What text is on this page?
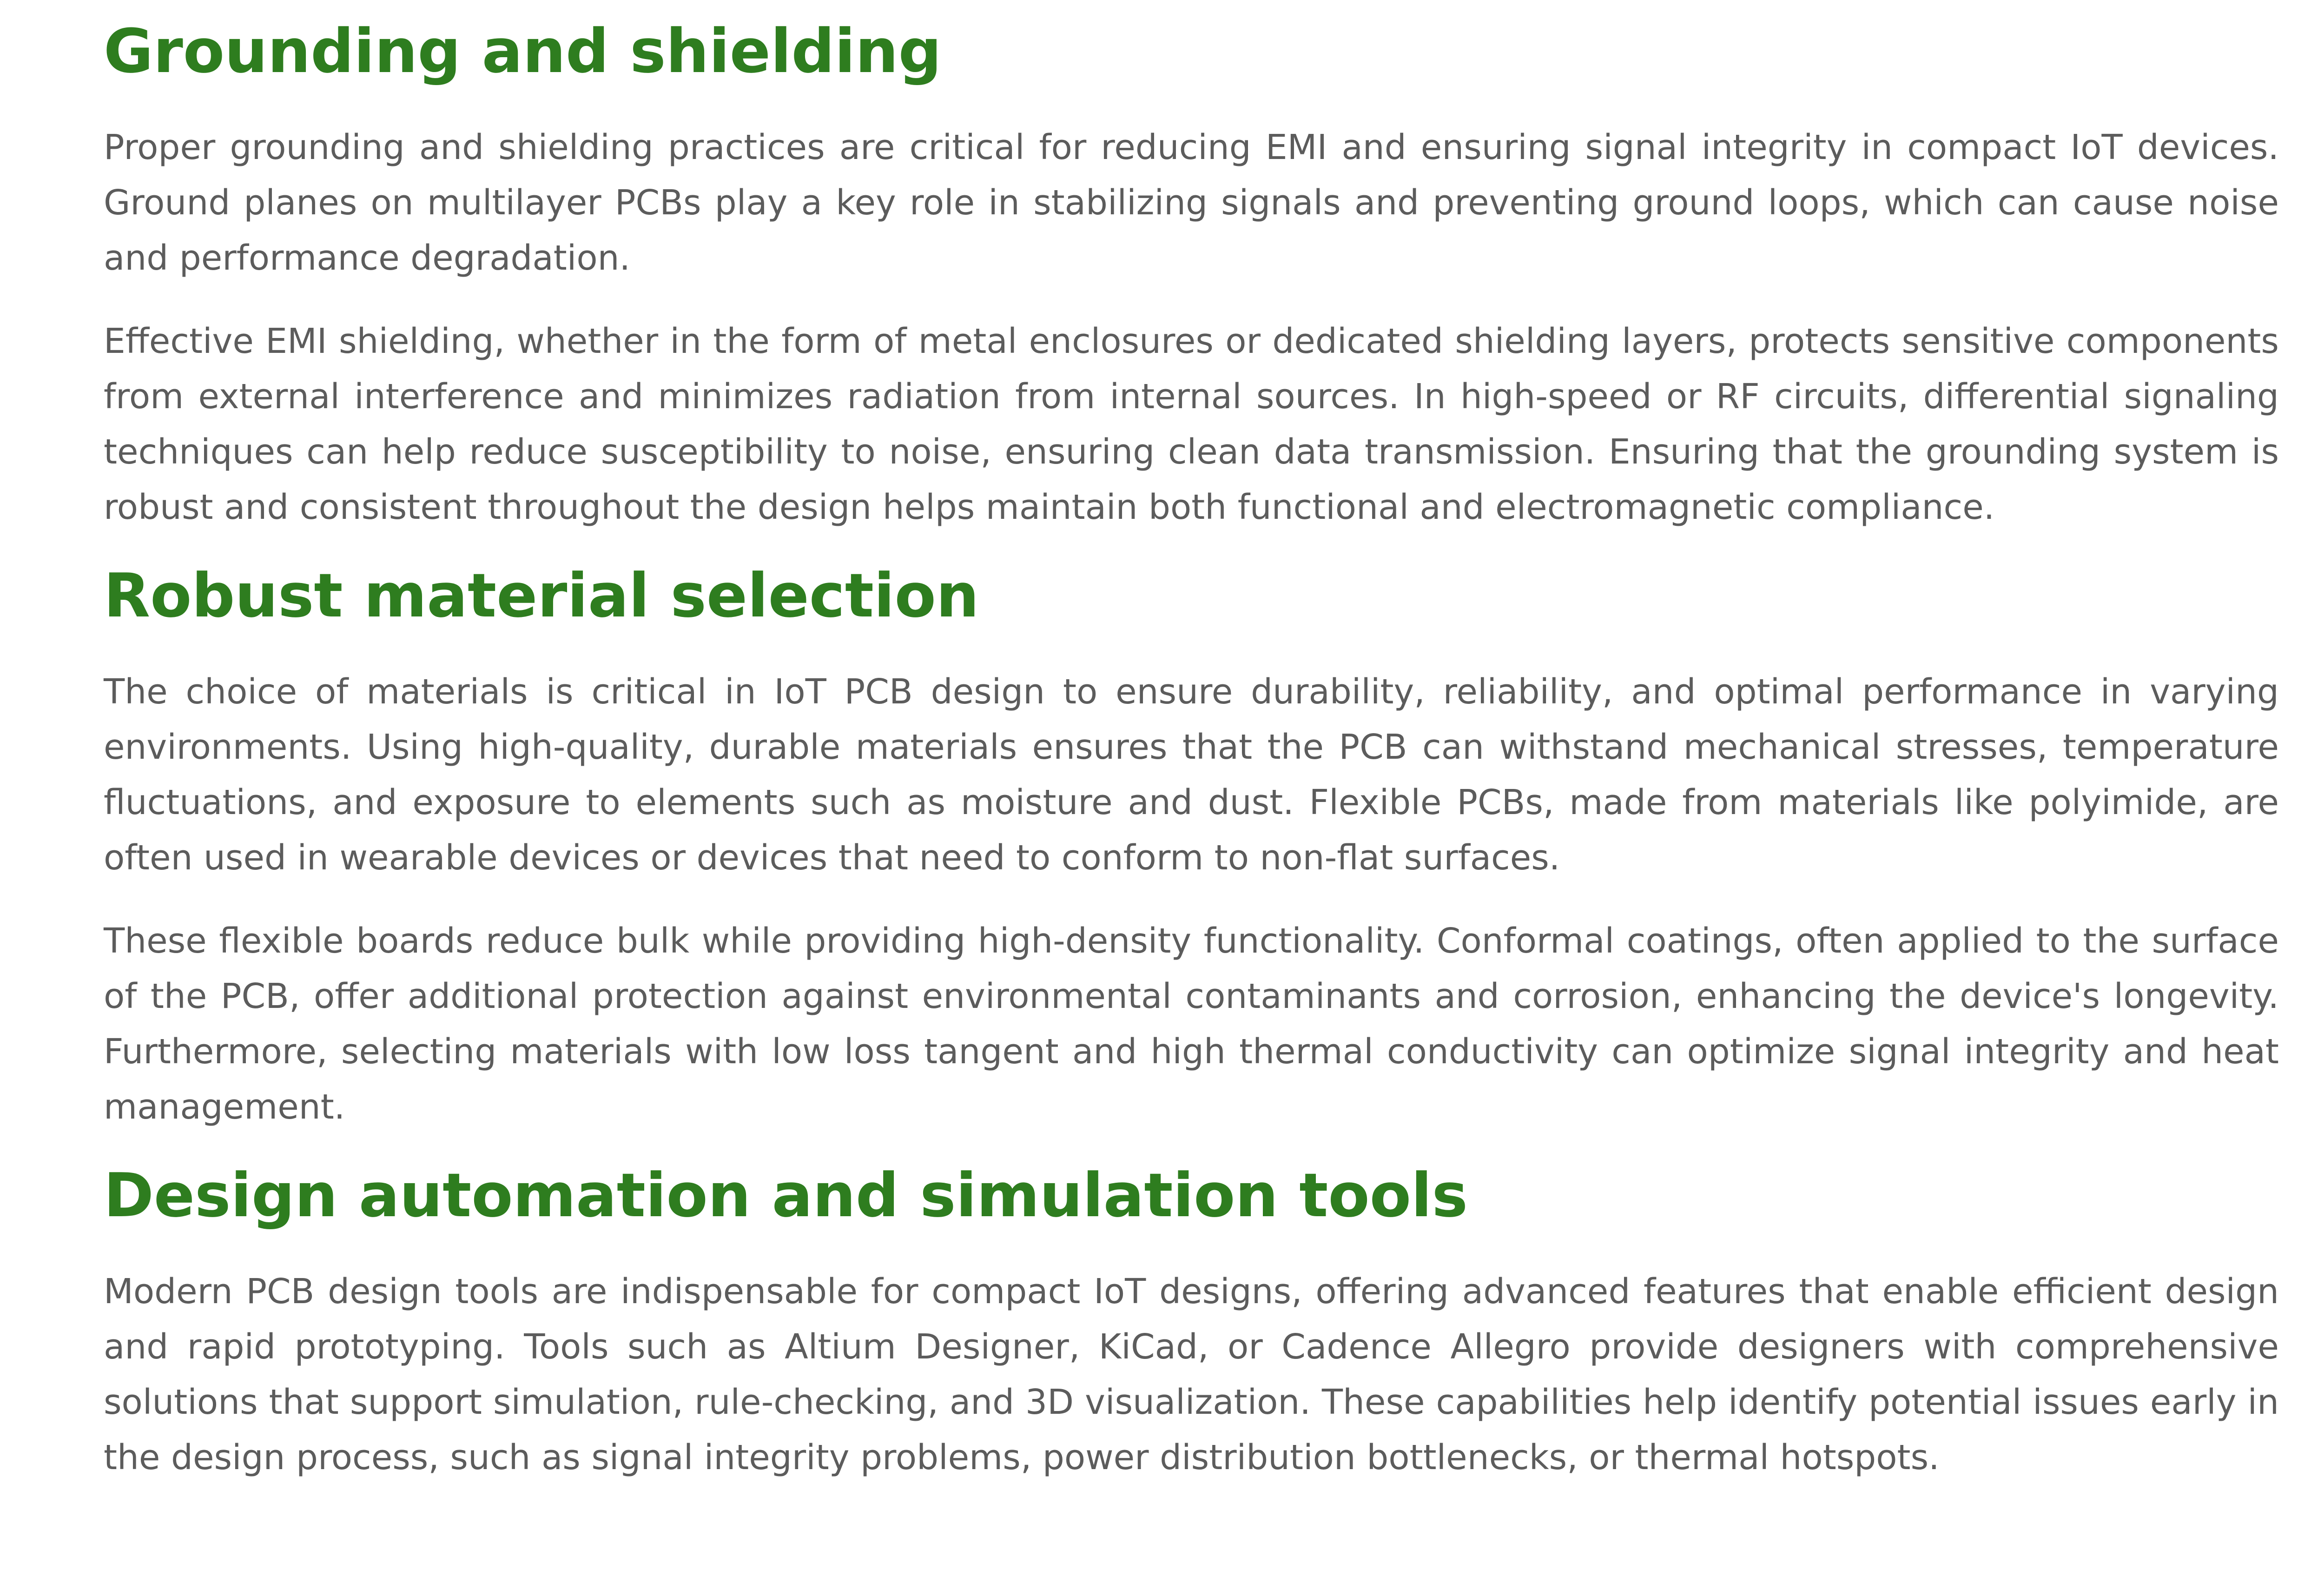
Grounding and shielding

Proper grounding and shielding practices are critical for reducing EMI and ensuring signal integrity in compact IoT devices. Ground planes on multilayer PCBs play a key role in stabilizing signals and preventing ground loops, which can cause noise and performance degradation.

Effective EMI shielding, whether in the form of metal enclosures or dedicated shielding layers, protects sensitive components from external interference and minimizes radiation from internal sources. In high-speed or RF circuits, differential signaling techniques can help reduce susceptibility to noise, ensuring clean data transmission. Ensuring that the grounding system is robust and consistent throughout the design helps maintain both functional and electromagnetic compliance.

Robust material selection

The choice of materials is critical in IoT PCB design to ensure durability, reliability, and optimal performance in varying environments. Using high-quality, durable materials ensures that the PCB can withstand mechanical stresses, temperature fluctuations, and exposure to elements such as moisture and dust. Flexible PCBs, made from materials like polyimide, are often used in wearable devices or devices that need to conform to non-flat surfaces.

These flexible boards reduce bulk while providing high-density functionality. Conformal coatings, often applied to the surface of the PCB, offer additional protection against environmental contaminants and corrosion, enhancing the device's longevity. Furthermore, selecting materials with low loss tangent and high thermal conductivity can optimize signal integrity and heat management.

Design automation and simulation tools

Modern PCB design tools are indispensable for compact IoT designs, offering advanced features that enable efficient design and rapid prototyping. Tools such as Altium Designer, KiCad, or Cadence Allegro provide designers with comprehensive solutions that support simulation, rule-checking, and 3D visualization. These capabilities help identify potential issues early in the design process, such as signal integrity problems, power distribution bottlenecks, or thermal hotspots.
